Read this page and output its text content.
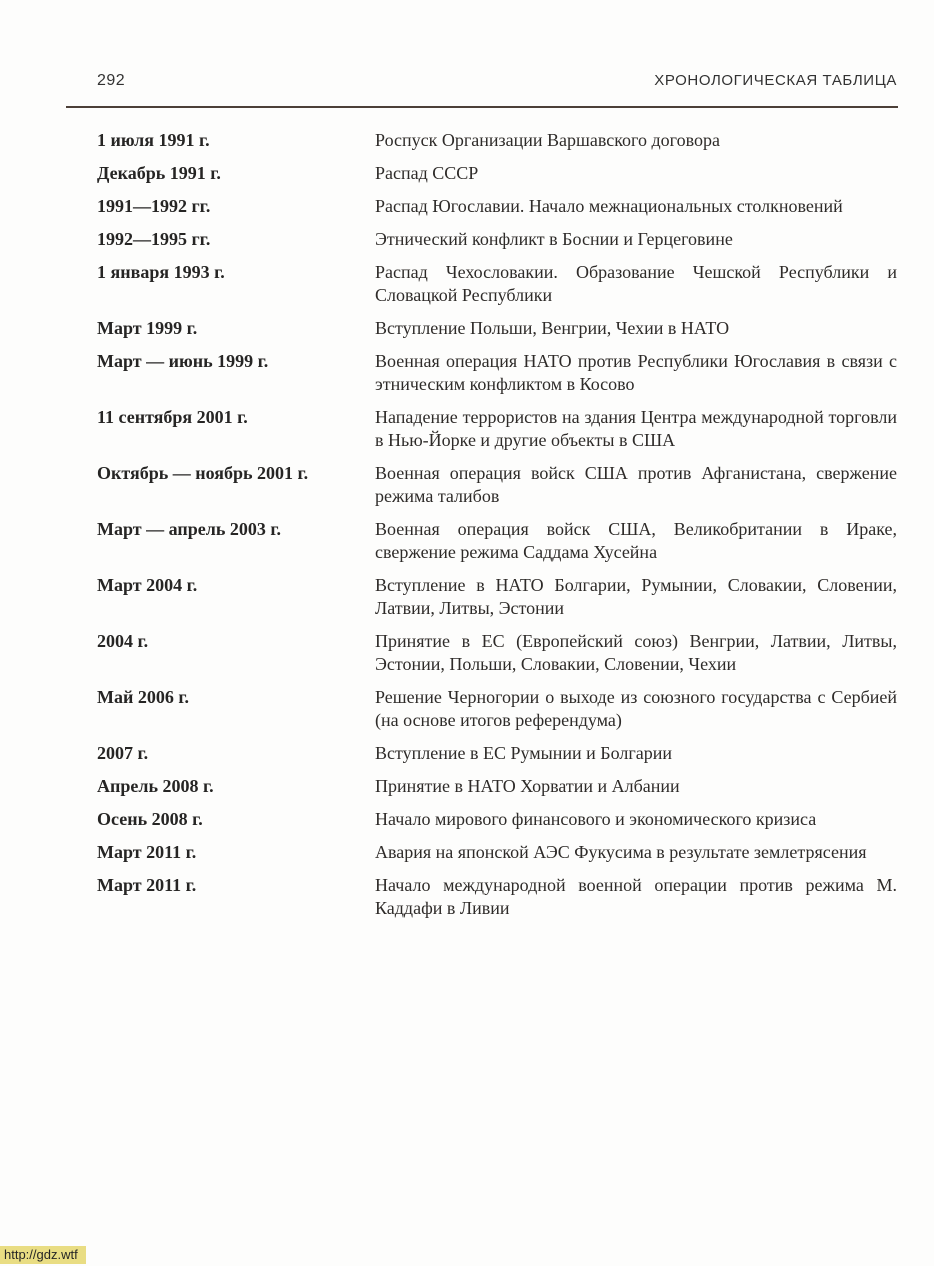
292	ХРОНОЛОГИЧЕСКАЯ ТАБЛИЦА
1 июля 1991 г.	Роспуск Организации Варшавского договора
Декабрь 1991 г.	Распад СССР
1991—1992 гг.	Распад Югославии. Начало межнациональных столкновений
1992—1995 гг.	Этнический конфликт в Боснии и Герцеговине
1 января 1993 г.	Распад Чехословакии. Образование Чешской Республики и Словацкой Республики
Март 1999 г.	Вступление Польши, Венгрии, Чехии в НАТО
Март — июнь 1999 г.	Военная операция НАТО против Республики Югославия в связи с этническим конфликтом в Косово
11 сентября 2001 г.	Нападение террористов на здания Центра международной торговли в Нью-Йорке и другие объекты в США
Октябрь — ноябрь 2001 г.	Военная операция войск США против Афганистана, свержение режима талибов
Март — апрель 2003 г.	Военная операция войск США, Великобритании в Ираке, свержение режима Саддама Хусейна
Март 2004 г.	Вступление в НАТО Болгарии, Румынии, Словакии, Словении, Латвии, Литвы, Эстонии
2004 г.	Принятие в ЕС (Европейский союз) Венгрии, Латвии, Литвы, Эстонии, Польши, Словакии, Словении, Чехии
Май 2006 г.	Решение Черногории о выходе из союзного государства с Сербией (на основе итогов референдума)
2007 г.	Вступление в ЕС Румынии и Болгарии
Апрель 2008 г.	Принятие в НАТО Хорватии и Албании
Осень 2008 г.	Начало мирового финансового и экономического кризиса
Март 2011 г.	Авария на японской АЭС Фукусима в результате землетрясения
Март 2011 г.	Начало международной военной операции против режима М. Каддафи в Ливии
http://gdz.wtf
